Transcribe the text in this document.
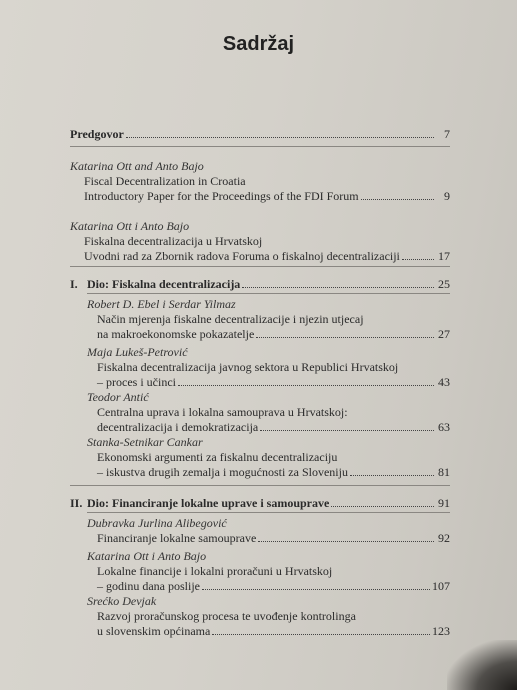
Sadržaj
Predgovor	7
Katarina Ott and Anto Bajo
Fiscal Decentralization in Croatia
Introductory Paper for the Proceedings of the FDI Forum	9
Katarina Ott i Anto Bajo
Fiskalna decentralizacija u Hrvatskoj
Uvodni rad za Zbornik radova Foruma o fiskalnoj decentralizaciji	17
I. Dio: Fiskalna decentralizacija	25
Robert D. Ebel i Serdar Yilmaz
Način mjerenja fiskalne decentralizacije i njezin utjecaj
na makroekonomske pokazatelje	27
Maja Lukeš-Petrović
Fiskalna decentralizacija javnog sektora u Republici Hrvatskoj
– proces i učinci	43
Teodor Antić
Centralna uprava i lokalna samouprava u Hrvatskoj:
decentralizacija i demokratizacija	63
Stanka-Setnikar Cankar
Ekonomski argumenti za fiskalnu decentralizaciju
– iskustva drugih zemalja i mogućnosti za Sloveniju	81
II. Dio: Financiranje lokalne uprave i samouprave	91
Dubravka Jurlina Alibegović
Financiranje lokalne samouprave	92
Katarina Ott i Anto Bajo
Lokalne financije i lokalni proračuni u Hrvatskoj
– godinu dana poslije	107
Srećko Devjak
Razvoj proračunskog procesa te uvođenje kontrolinga
u slovenskim općinama	123
